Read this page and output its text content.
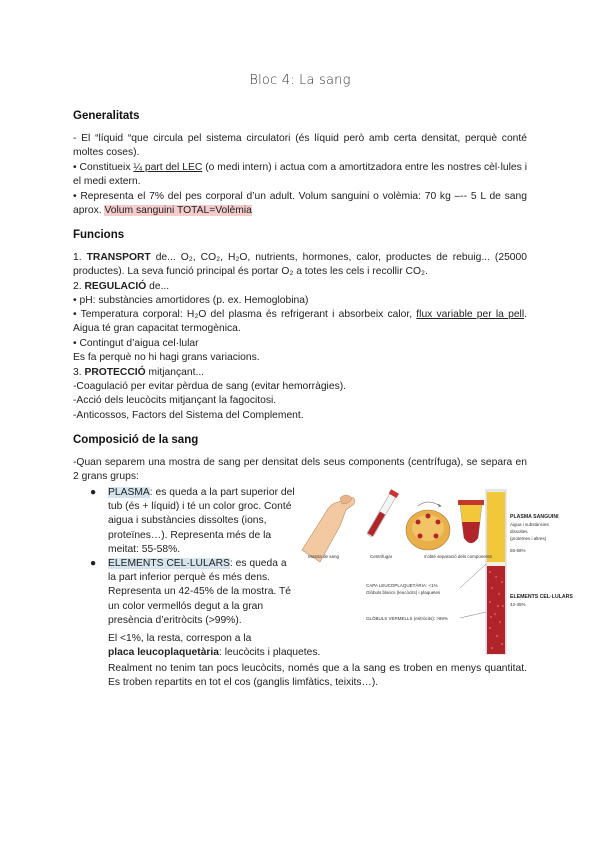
Bloc 4: La sang
Generalitats
- El “líquid “que circula pel sistema circulatori (és líquid però amb certa densitat, perquè conté moltes coses).
• Constitueix ¼ part del LEC (o medi intern) i actua com a amortitzadora entre les nostres cèl·lules i el medi extern.
• Representa el 7% del pes corporal d’un adult. Volum sanguini o volèmia: 70 kg –-- 5 L de sang aprox. Volum sanguini TOTAL=Volèmia
Funcions
1. TRANSPORT de... O₂, CO₂, H₂O, nutrients, hormones, calor, productes de rebuig... (25000 productes). La seva funció principal és portar O₂ a totes les cels i recollir CO₂.
2. REGULACIÓ de...
• pH: substàncies amortidores (p. ex. Hemoglobina)
• Temperatura corporal: H₂O del plasma és refrigerant i absorbeix calor, flux variable per la pell. Aigua té gran capacitat termogènica.
• Contingut d’aigua cel·lular
Es fa perquè no hi hagi grans variacions.
3. PROTECCIÓ mitjançant...
-Coagulació per evitar pèrdua de sang (evitar hemorràgies).
-Acció dels leucòcits mitjançant la fagocitosi.
-Anticossos, Factors del Sistema del Complement.
Composició de la sang
-Quan separem una mostra de sang per densitat dels seus components (centrífuga), se separa en 2 grans grups:
● PLASMA: es queda a la part superior del tub (és + líquid) i té un color groc. Conté aigua i substàncies dissoltes (ions, proteïnes…). Representa més de la meitat: 55-58%.
● ELEMENTS CEL·LULARS: es queda a la part inferior perquè és més dens. Representa un 42-45% de la mostra. Té un color vermellós degut a la gran presència d’eritròcits (>99%).
El <1%, la resta, correspon a la
placa leucoplaquetària: leucòcits i plaquetes.
Realment no tenim tan pocs leucòcits, només que a la sang es troben en menys quantitat. Es troben repartits en tot el cos (ganglis limfàtics, teixits…).
Mostra de sang	Centrifugar	s'obté separació dels components
PLASMA SANGUINI
Aigua i substàncies
dissoltes
(proteïnes i altres)
55-58%
CAPA LEUCOPLAQUETÀRIA: <1%
Glòbuls blancs (leucòcits) i plaquetes
GLÒBULS VERMELLS (eritròcits): >99%
ELEMENTS CEL·LULARS
42-45%
